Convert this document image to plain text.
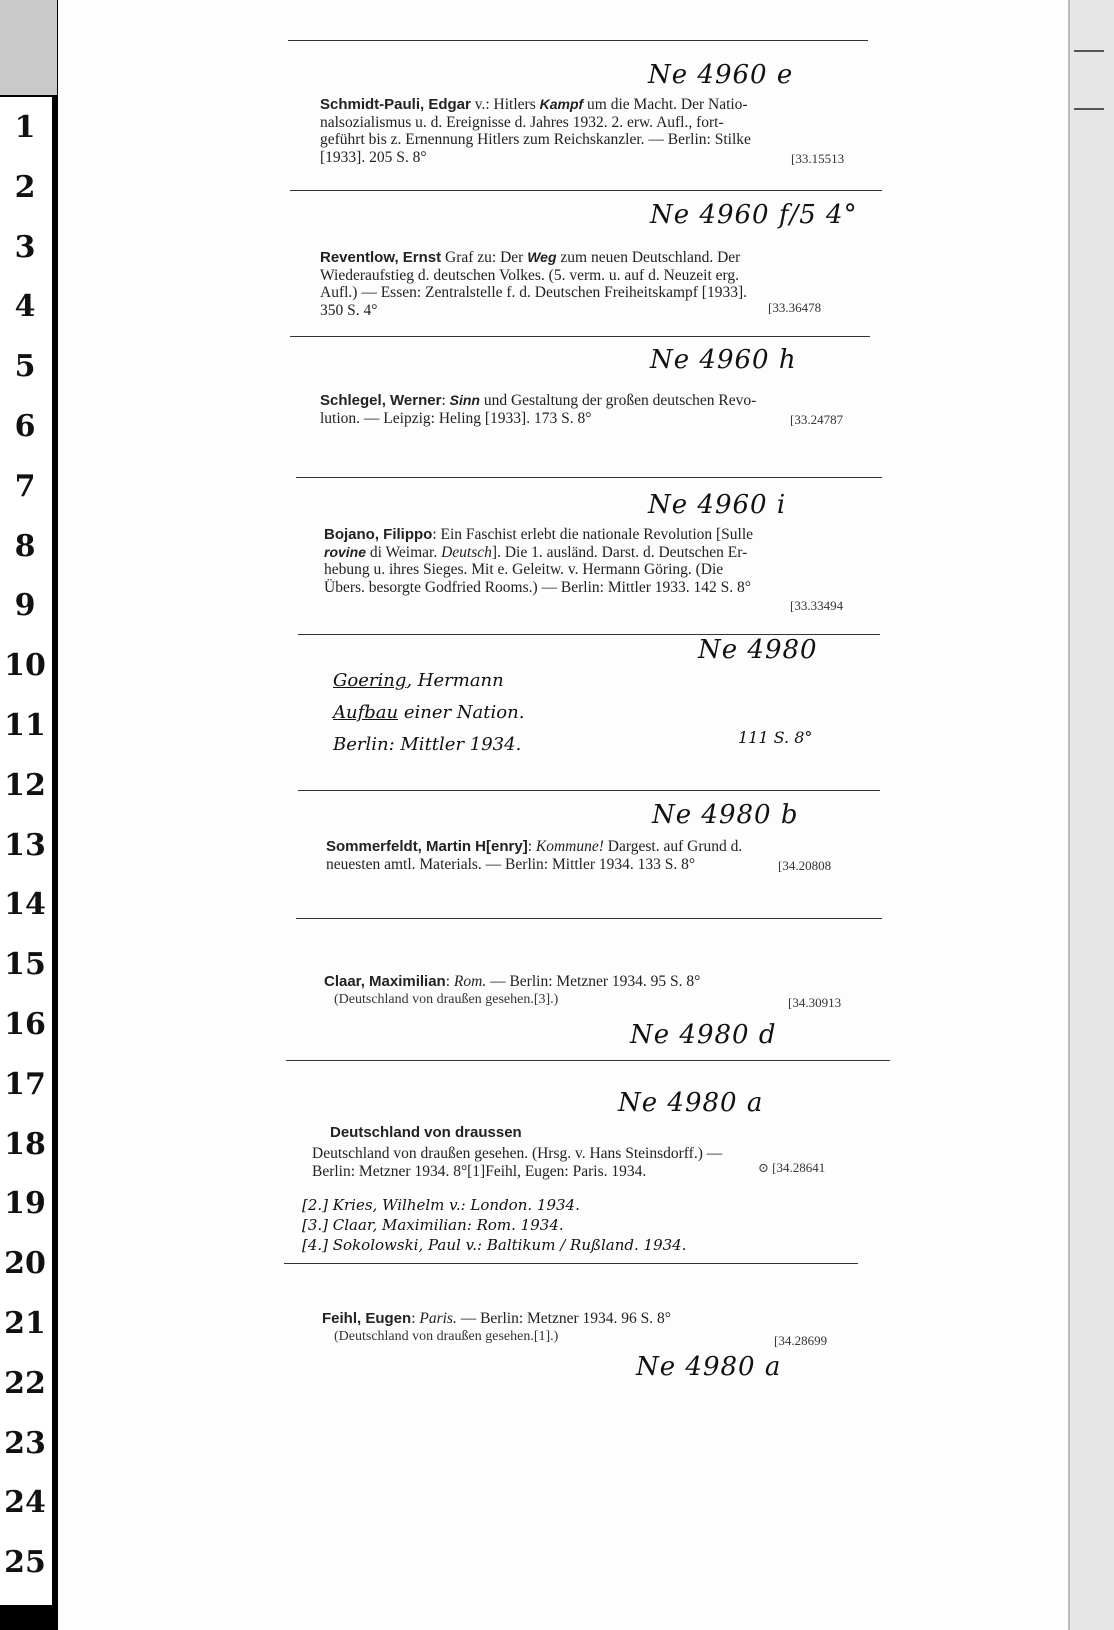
1
2
3
4
5
6
7
8
9
10
11
12
13
14
15
16
17
18
19
20
21
22
23
24
25
Ne 4960 e
Schmidt-Pauli, Edgar v.: Hitlers Kampf um die Macht. Der Natio-
nalsozialismus u. d. Ereignisse d. Jahres 1932. 2. erw. Aufl., fort-
geführt bis z. Ernennung Hitlers zum Reichskanzler. — Berlin: Stilke
[1933]. 205 S. 8°	[33.15513
Ne 4960 f/5 4°
Reventlow, Ernst Graf zu: Der Weg zum neuen Deutschland. Der
Wiederaufstieg d. deutschen Volkes. (5. verm. u. auf d. Neuzeit erg.
Aufl.) — Essen: Zentralstelle f. d. Deutschen Freiheitskampf [1933].
350 S. 4°	[33.36478
Ne 4960 h
Schlegel, Werner: Sinn und Gestaltung der großen deutschen Revo-
lution. — Leipzig: Heling [1933]. 173 S. 8°	[33.24787
Ne 4960 i
Bojano, Filippo: Ein Faschist erlebt die nationale Revolution [Sulle
rovine di Weimar. Deutsch]. Die 1. ausländ. Darst. d. Deutschen Er-
hebung u. ihres Sieges. Mit e. Geleitw. v. Hermann Göring. (Die
Übers. besorgte Godfried Rooms.) — Berlin: Mittler 1933. 142 S. 8°
[33.33494
Ne 4980
Goering, Hermann
Aufbau einer Nation.
Berlin: Mittler 1934.	111 S. 8°
Ne 4980 b
Sommerfeldt, Martin H[enry]: Kommune! Dargest. auf Grund d.
neuesten amtl. Materials. — Berlin: Mittler 1934. 133 S. 8°	[34.20808
Claar, Maximilian: Rom. — Berlin: Metzner 1934. 95 S. 8°
(Deutschland von draußen gesehen.[3].)	[34.30913
Ne 4980 d
Ne 4980 a
Deutschland von draussen
Deutschland von draußen gesehen. (Hrsg. v. Hans Steinsdorff.) —
Berlin: Metzner 1934. 8°[1]Feihl, Eugen: Paris. 1934.	⊙ [34.28641
[2.] Kries, Wilhelm v.: London. 1934.
[3.] Claar, Maximilian: Rom. 1934.
[4.] Sokolowski, Paul v.: Baltikum / Rußland. 1934.
Feihl, Eugen: Paris. — Berlin: Metzner 1934. 96 S. 8°
(Deutschland von draußen gesehen.[1].)	[34.28699
Ne 4980 a
